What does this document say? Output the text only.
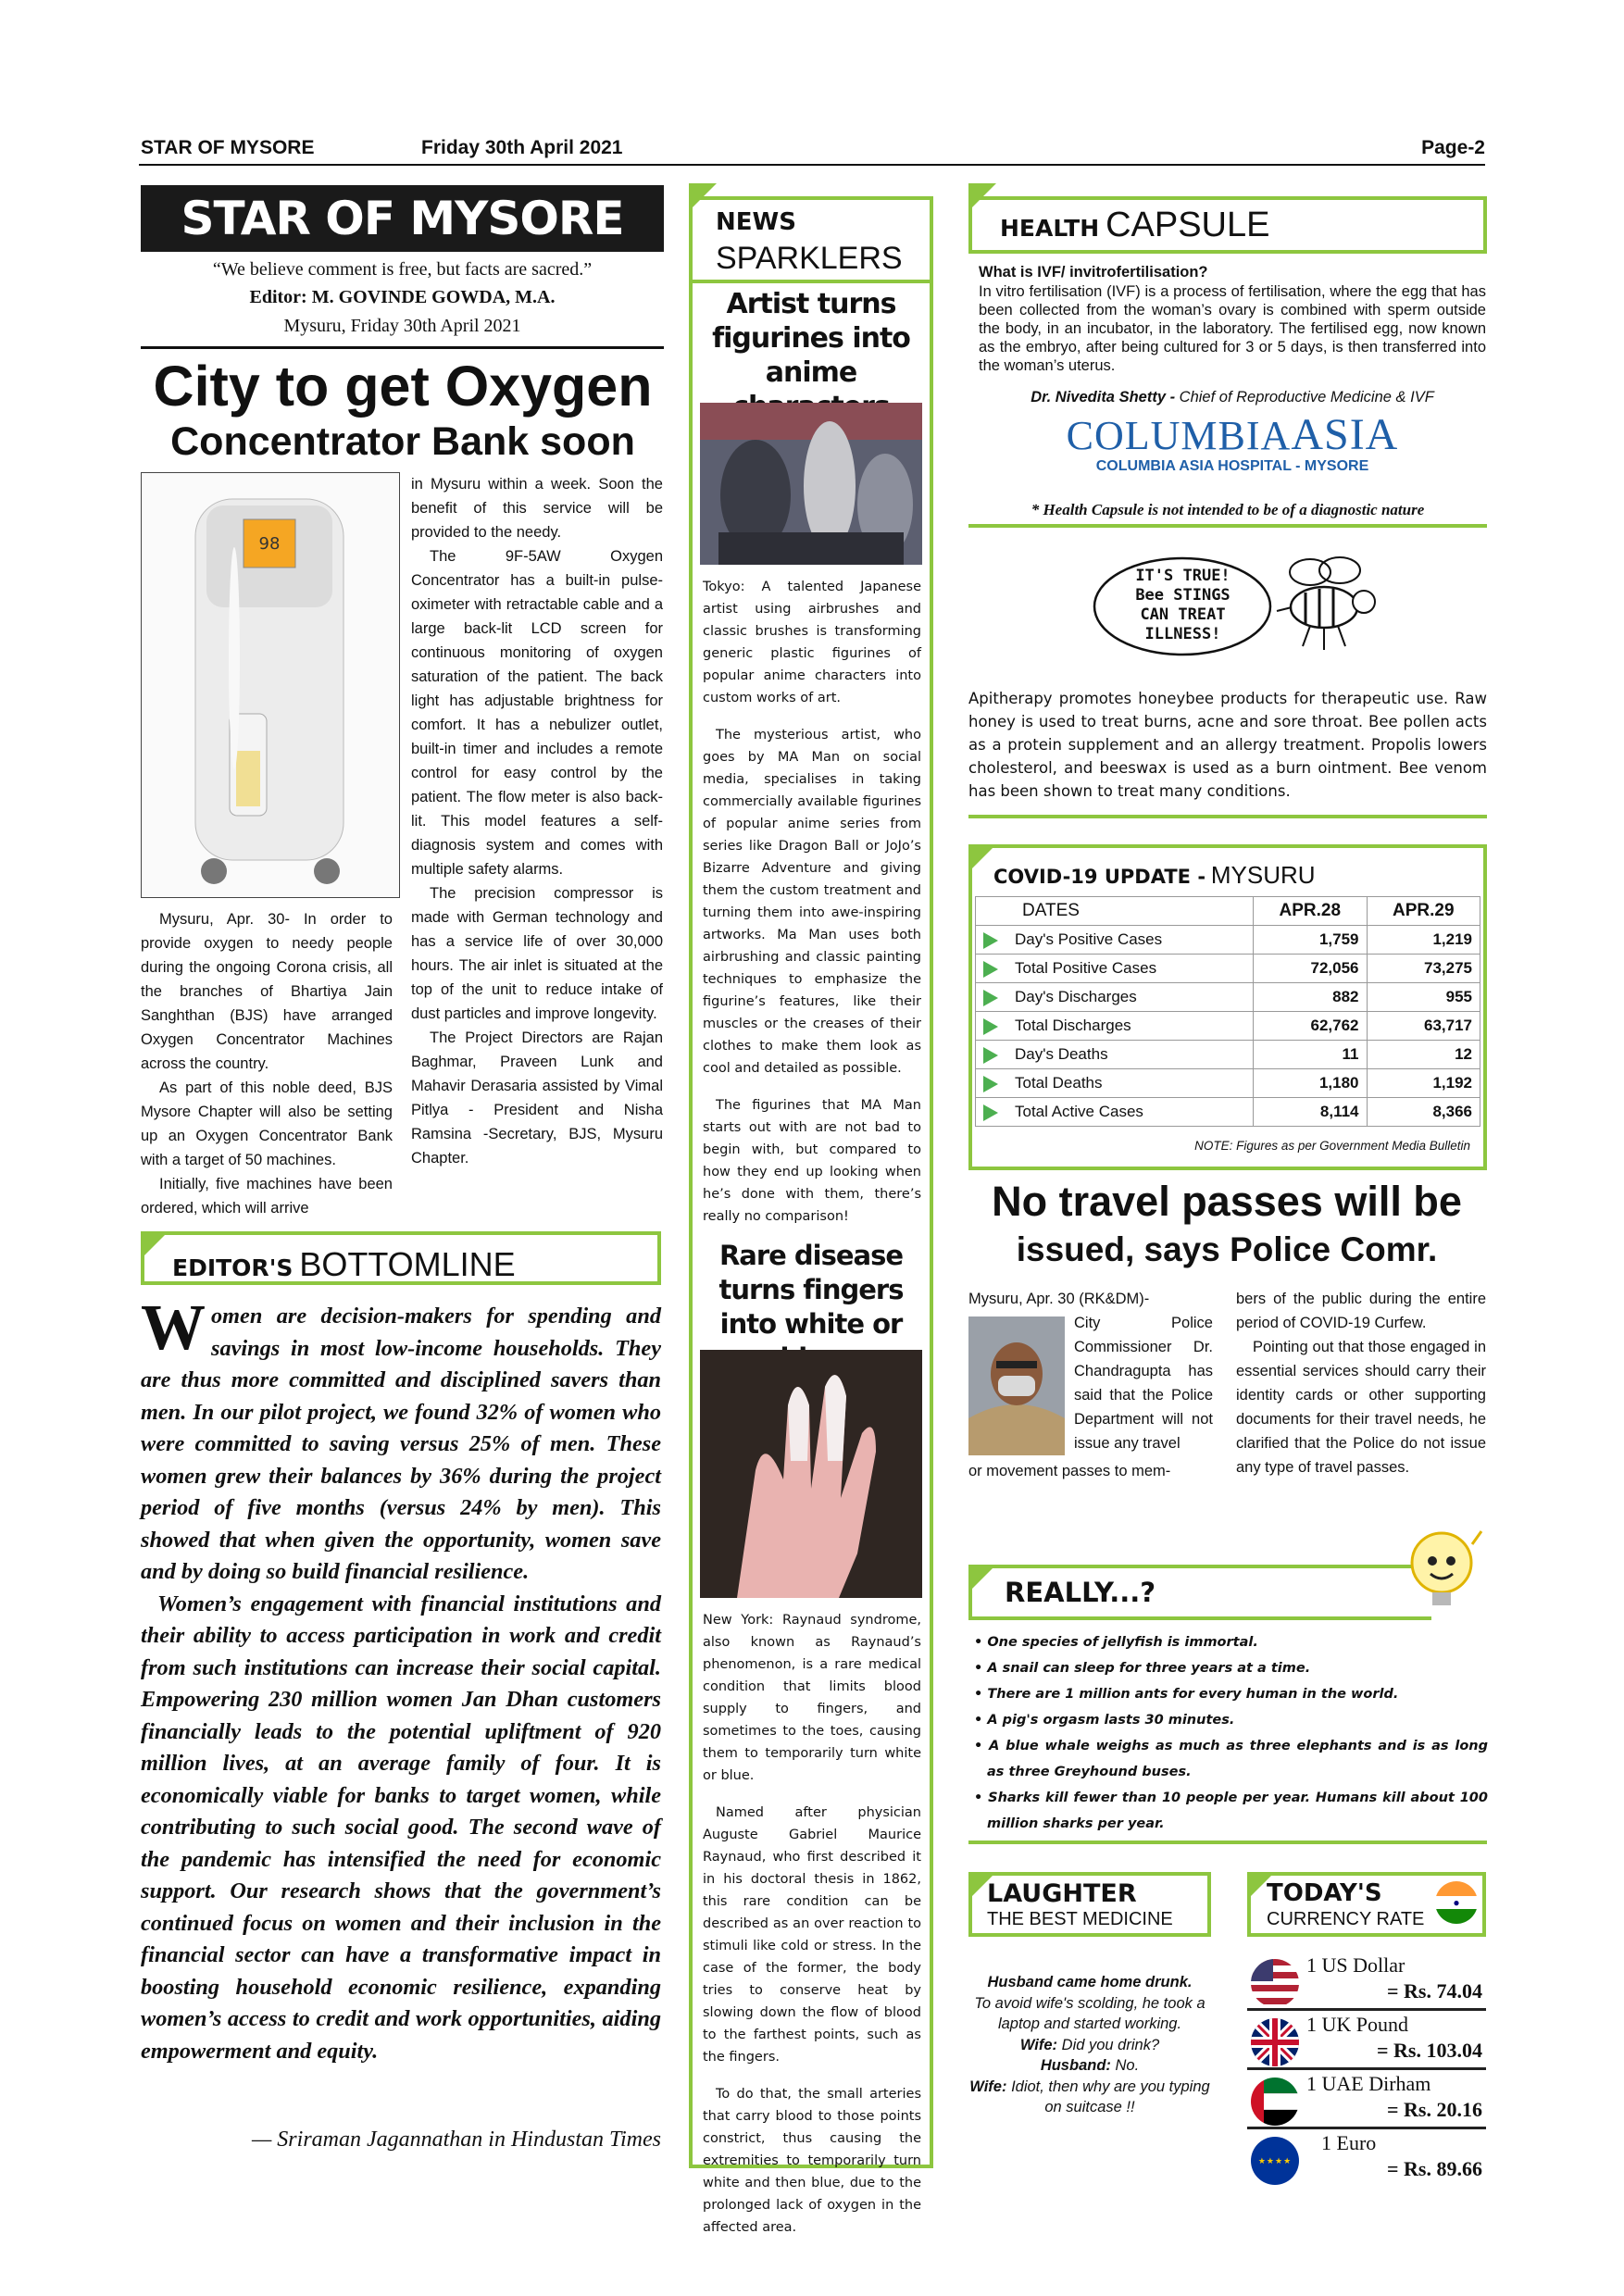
STAR OF MYSORE	Friday 30th April 2021	Page-2
STAR OF MYSORE
“We believe comment is free, but facts are sacred.”
Editor: M. GOVINDE GOWDA, M.A.
Mysuru, Friday 30th April 2021
City to get Oxygen
Concentrator Bank soon
98

Mysuru, Apr. 30- In order to provide oxygen to needy people during the ongoing Corona crisis, all the branches of Bhartiya Jain Sanghthan (BJS) have arranged Oxygen Concentrator Machines across the country.

As part of this noble deed, BJS Mysore Chapter will also be setting up an Oxygen Concentrator Bank with a target of 50 machines.

Initially, five machines have been ordered, which will arrive

in Mysuru within a week. Soon the benefit of this service will be provided to the needy.

The 9F-5AW Oxygen Concentrator has a built-in pulse-oximeter with retractable cable and a large back-lit LCD screen for continuous monitoring of oxygen saturation of the patient. The back light has adjustable brightness for comfort. It has a nebulizer outlet, built-in timer and includes a remote control for easy control by the patient. The flow meter is also back-lit. This model features a self-diagnosis system and comes with multiple safety alarms.

The precision compressor is made with German technology and has a service life of over 30,000 hours. The air inlet is situated at the top of the unit to reduce intake of dust particles and improve longevity.

The Project Directors are Rajan Baghmar, Praveen Lunk and Mahavir Derasaria assisted by Vimal Pitlya - President and Nisha Ramsina -Secretary, BJS, Mysuru Chapter.

EDITOR'S BOTTOMLINE
W omen are decision-makers for spending and savings in most low-income households. They are thus more committed and disciplined savers than men. In our pilot project, we found 32% of women who were committed to saving versus 25% of men. These women grew their balances by 36% during the project period of five months (versus 24% by men). This showed that when given the opportunity, women save and by doing so build financial resilience.
Women’s engagement with financial institutions and their ability to access participation in work and credit from such institutions can increase their social capital. Empowering 230 million women Jan Dhan customers financially leads to the potential upliftment of 920 million lives, at an average family of four. It is economically viable for banks to target women, while contributing to such social good. The second wave of the pandemic has intensified the need for economic support. Our research shows that the government’s continued focus on women and their inclusion in the financial sector can have a transformative impact in boosting household economic resilience, expanding women’s access to credit and work opportunities, aiding empowerment and equity.
— Sriraman Jagannathan in Hindustan Times
NEWS
SPARKLERS
Artist turns figurines into anime

Tokyo: A talented Japanese artist using airbrushes and classic brushes is transforming generic plastic figurines of popular anime characters into custom works of art.

The mysterious artist, who goes by MA Man on social media, specialises in taking commercially available figurines of popular anime series from series like Dragon Ball or JoJo’s Bizarre Adventure and giving them the custom treatment and turning them into awe-inspiring artworks. Ma Man uses both airbrushing and classic painting techniques to emphasize the figurine’s features, like their muscles or the creases of their clothes to make them look as cool and detailed as possible.

The figurines that MA Man starts out with are not bad to begin with, but compared to how they end up looking when he’s done with them, there’s really no comparison!

Rare disease turns fingers into white or

New York: Raynaud syndrome, also known as Raynaud’s phenomenon, is a rare medical condition that limits blood supply to fingers, and sometimes to the toes, causing them to temporarily turn white or blue.

Named after physician Auguste Gabriel Maurice Raynaud, who first described it in his doctoral thesis in 1862, this rare condition can be described as an over reaction to stimuli like cold or stress. In the case of the former, the body tries to conserve heat by slowing down the flow of blood to the farthest points, such as the fingers.

To do that, the small arteries that carry blood to those points constrict, thus causing the extremities to temporarily turn white and then blue, due to the prolonged lack of oxygen in the affected area.

HEALTH CAPSULE
What is IVF/ invitrofertilisation?
In vitro fertilisation (IVF) is a process of fertilisation, where the egg that has been collected from the woman’s ovary is combined with sperm outside the body, in an incubator, in the laboratory. The fertilised egg, now known as the embryo, after being cultured for 3 or 5 days, is then transferred into the woman’s uterus.
Dr. Nivedita Shetty - Chief of Reproductive Medicine & IVF
COLUMBIAASIA
COLUMBIA ASIA HOSPITAL - MYSORE
* Health Capsule is not intended to be of a diagnostic nature
IT'S TRUE!
Bee STINGS
CAN TREAT
ILLNESS!
Apitherapy promotes honeybee products for therapeutic use. Raw honey is used to treat burns, acne and sore throat. Bee pollen acts as a protein supplement and an allergy treatment. Propolis lowers cholesterol, and beeswax is used as a burn ointment. Bee venom has been shown to treat many conditions.
COVID-19 UPDATE - MYSURU
DATES	APR.28	APR.29
Day's Positive Cases	1,759	1,219
Total Positive Cases	72,056	73,275
Day's Discharges	882	955
Total Discharges	62,762	63,717
Day's Deaths	11	12
Total Deaths	1,180	1,192
Total Active Cases	8,114	8,366
NOTE: Figures as per Government Media Bulletin
No travel passes will be
issued, says Police Comr.
Mysuru, Apr. 30 (RK&DM)-
City Police Commissioner Dr. Chandragupta has said that the Police Department will not issue any travel
or movement passes to mem-
bers of the public during the entire period of COVID-19 Curfew.
Pointing out that those engaged in essential services should carry their identity cards or other supporting documents for their travel needs, he clarified that the Police do not issue any type of travel passes.
REALLY...?
• One species of jellyfish is immortal.
• A snail can sleep for three years at a time.
• There are 1 million ants for every human in the world.
• A pig's orgasm lasts 30 minutes.
• A blue whale weighs as much as three elephants and is as long as three Greyhound buses.
• Sharks kill fewer than 10 people per year. Humans kill about 100 million sharks per year.
LAUGHTER
THE BEST MEDICINE
Husband came home drunk.
To avoid wife's scolding, he took a laptop and started working.
Wife: Did you drink?
Husband: No.
Wife: Idiot, then why are you typing on suitcase !!
TODAY'S
CURRENCY RATE
●
1 US Dollar
= Rs. 74.04
1 UK Pound
= Rs. 103.04
1 UAE Dirham
= Rs. 20.16
★★★★
1 Euro
= Rs. 89.66
